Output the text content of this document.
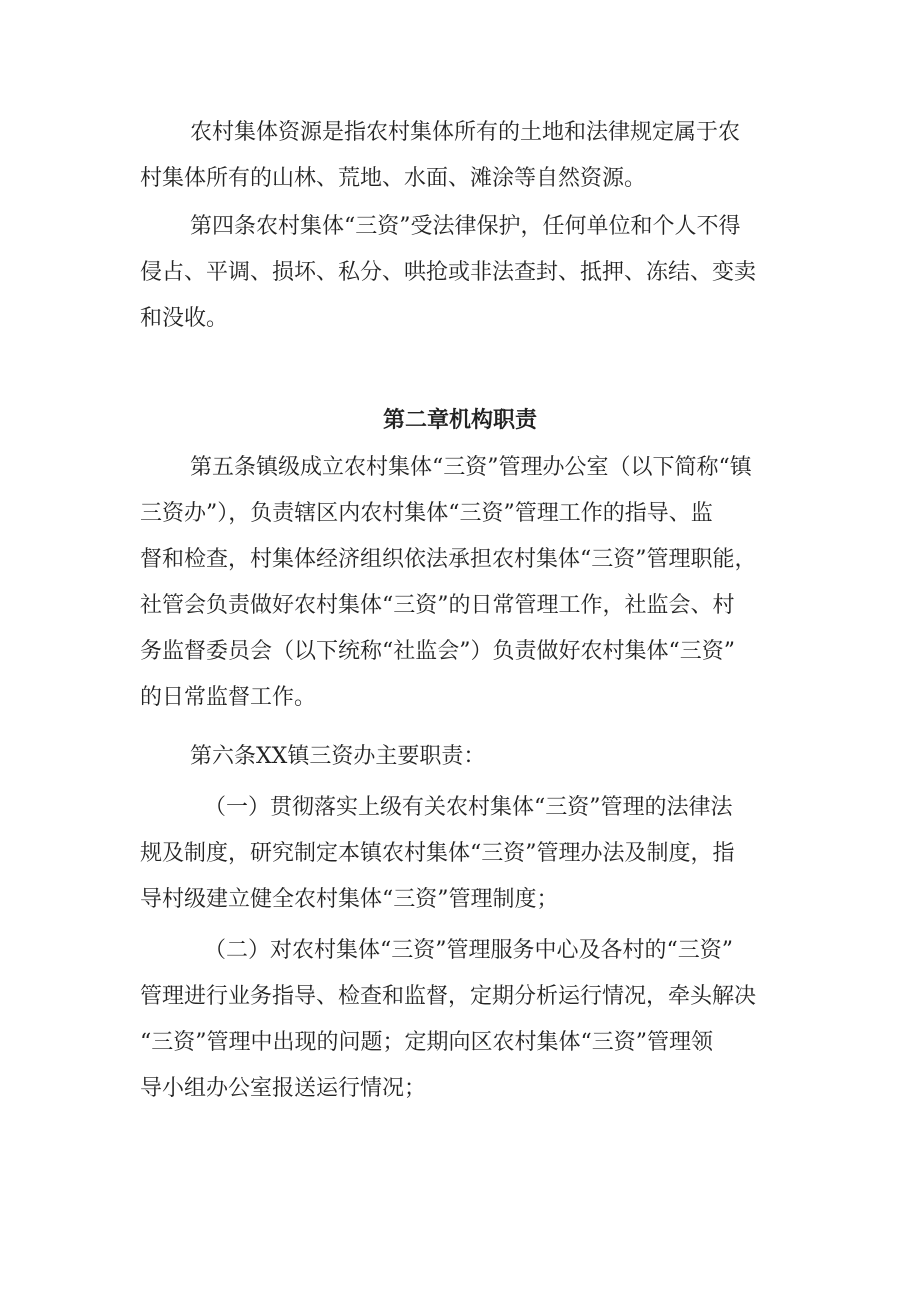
农村集体资源是指农村集体所有的土地和法律规定属于农
村集体所有的山林、荒地、水面、滩涂等自然资源。

第四条农村集体“三资”受法律保护，任何单位和个人不得
侵占、平调、损坏、私分、哄抢或非法查封、抵押、冻结、变卖
和没收。

第二章机构职责

第五条镇级成立农村集体“三资”管理办公室（以下简称“镇
三资办”），负责辖区内农村集体“三资”管理工作的指导、监
督和检查，村集体经济组织依法承担农村集体“三资”管理职能，
社管会负责做好农村集体“三资”的日常管理工作，社监会、村
务监督委员会（以下统称“社监会”）负责做好农村集体“三资”
的日常监督工作。

第六条XX镇三资办主要职责：

（一）贯彻落实上级有关农村集体“三资”管理的法律法
规及制度，研究制定本镇农村集体“三资”管理办法及制度，指
导村级建立健全农村集体“三资”管理制度；

（二）对农村集体“三资”管理服务中心及各村的“三资”
管理进行业务指导、检查和监督，定期分析运行情况，牵头解决
“三资”管理中出现的问题；定期向区农村集体“三资”管理领
导小组办公室报送运行情况；
